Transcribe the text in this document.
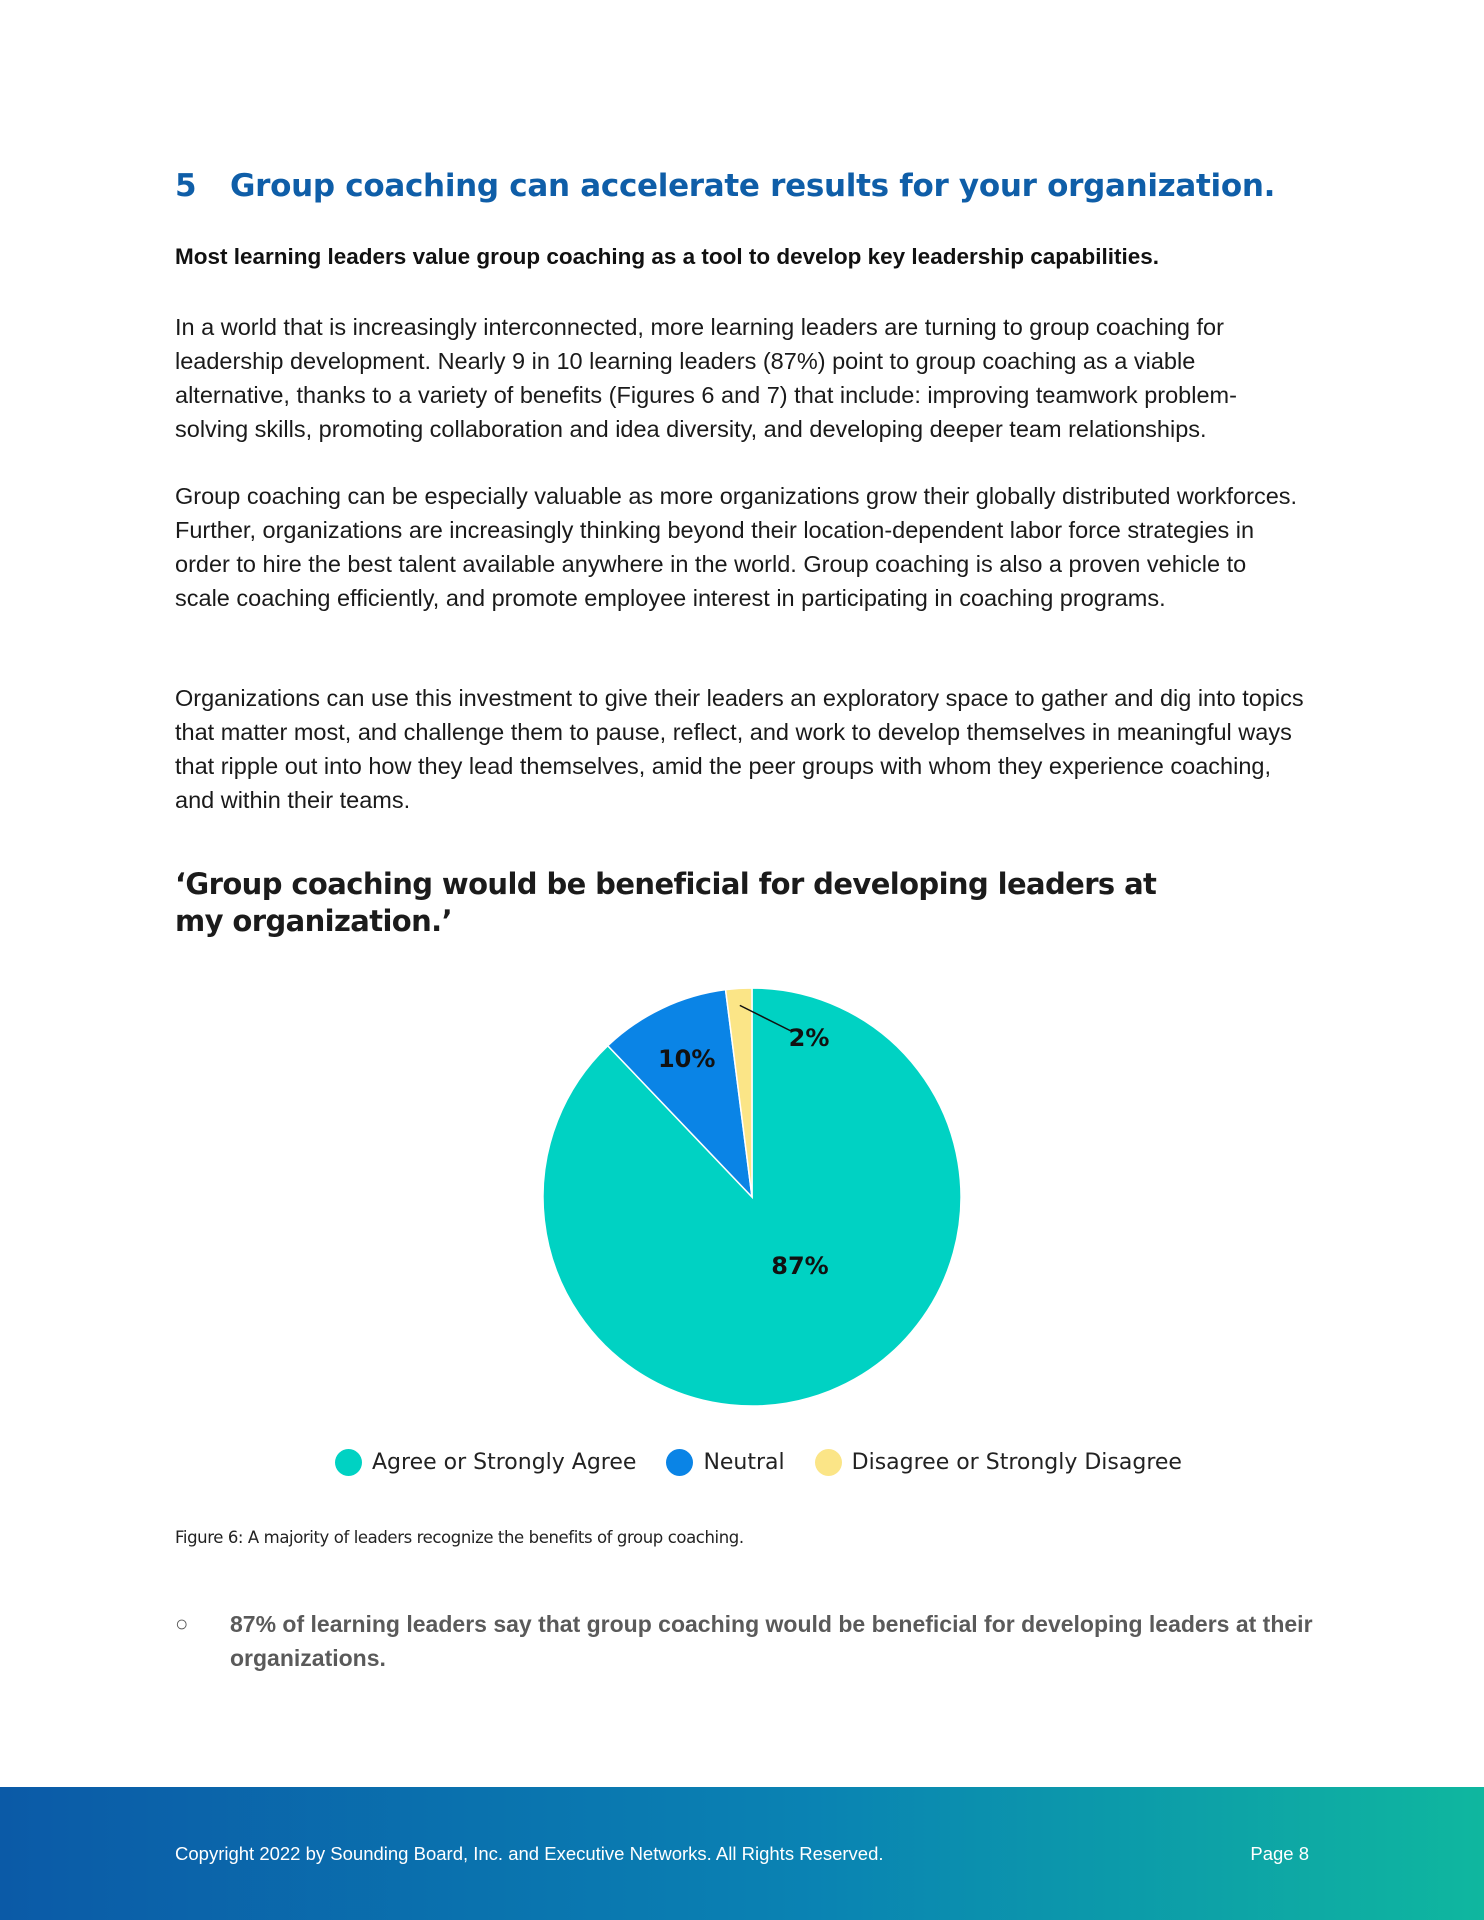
5 Group coaching can accelerate results for your organization.
Most learning leaders value group coaching as a tool to develop key leadership capabilities.

In a world that is increasingly interconnected, more learning leaders are turning to group coaching for leadership development. Nearly 9 in 10 learning leaders (87%) point to group coaching as a viable alternative, thanks to a variety of benefits (Figures 6 and 7) that include: improving teamwork problem-solving skills, promoting collaboration and idea diversity, and developing deeper team relationships.

Group coaching can be especially valuable as more organizations grow their globally distributed workforces. Further, organizations are increasingly thinking beyond their location-dependent labor force strategies in order to hire the best talent available anywhere in the world. Group coaching is also a proven vehicle to scale coaching efficiently, and promote employee interest in participating in coaching programs.

Organizations can use this investment to give their leaders an exploratory space to gather and dig into topics that matter most, and challenge them to pause, reflect, and work to develop themselves in meaningful ways that ripple out into how they lead themselves, amid the peer groups with whom they experience coaching, and within their teams.

‘Group coaching would be beneficial for developing leaders at my organization.’
87%
10%
2%
Agree or Strongly Agree	Neutral	Disagree or Strongly Disagree
Figure 6: A majority of leaders recognize the benefits of group coaching.
○	87% of learning leaders say that group coaching would be beneficial for developing leaders at their organizations.
Copyright 2022 by Sounding Board, Inc. and Executive Networks. All Rights Reserved.	Page 8
